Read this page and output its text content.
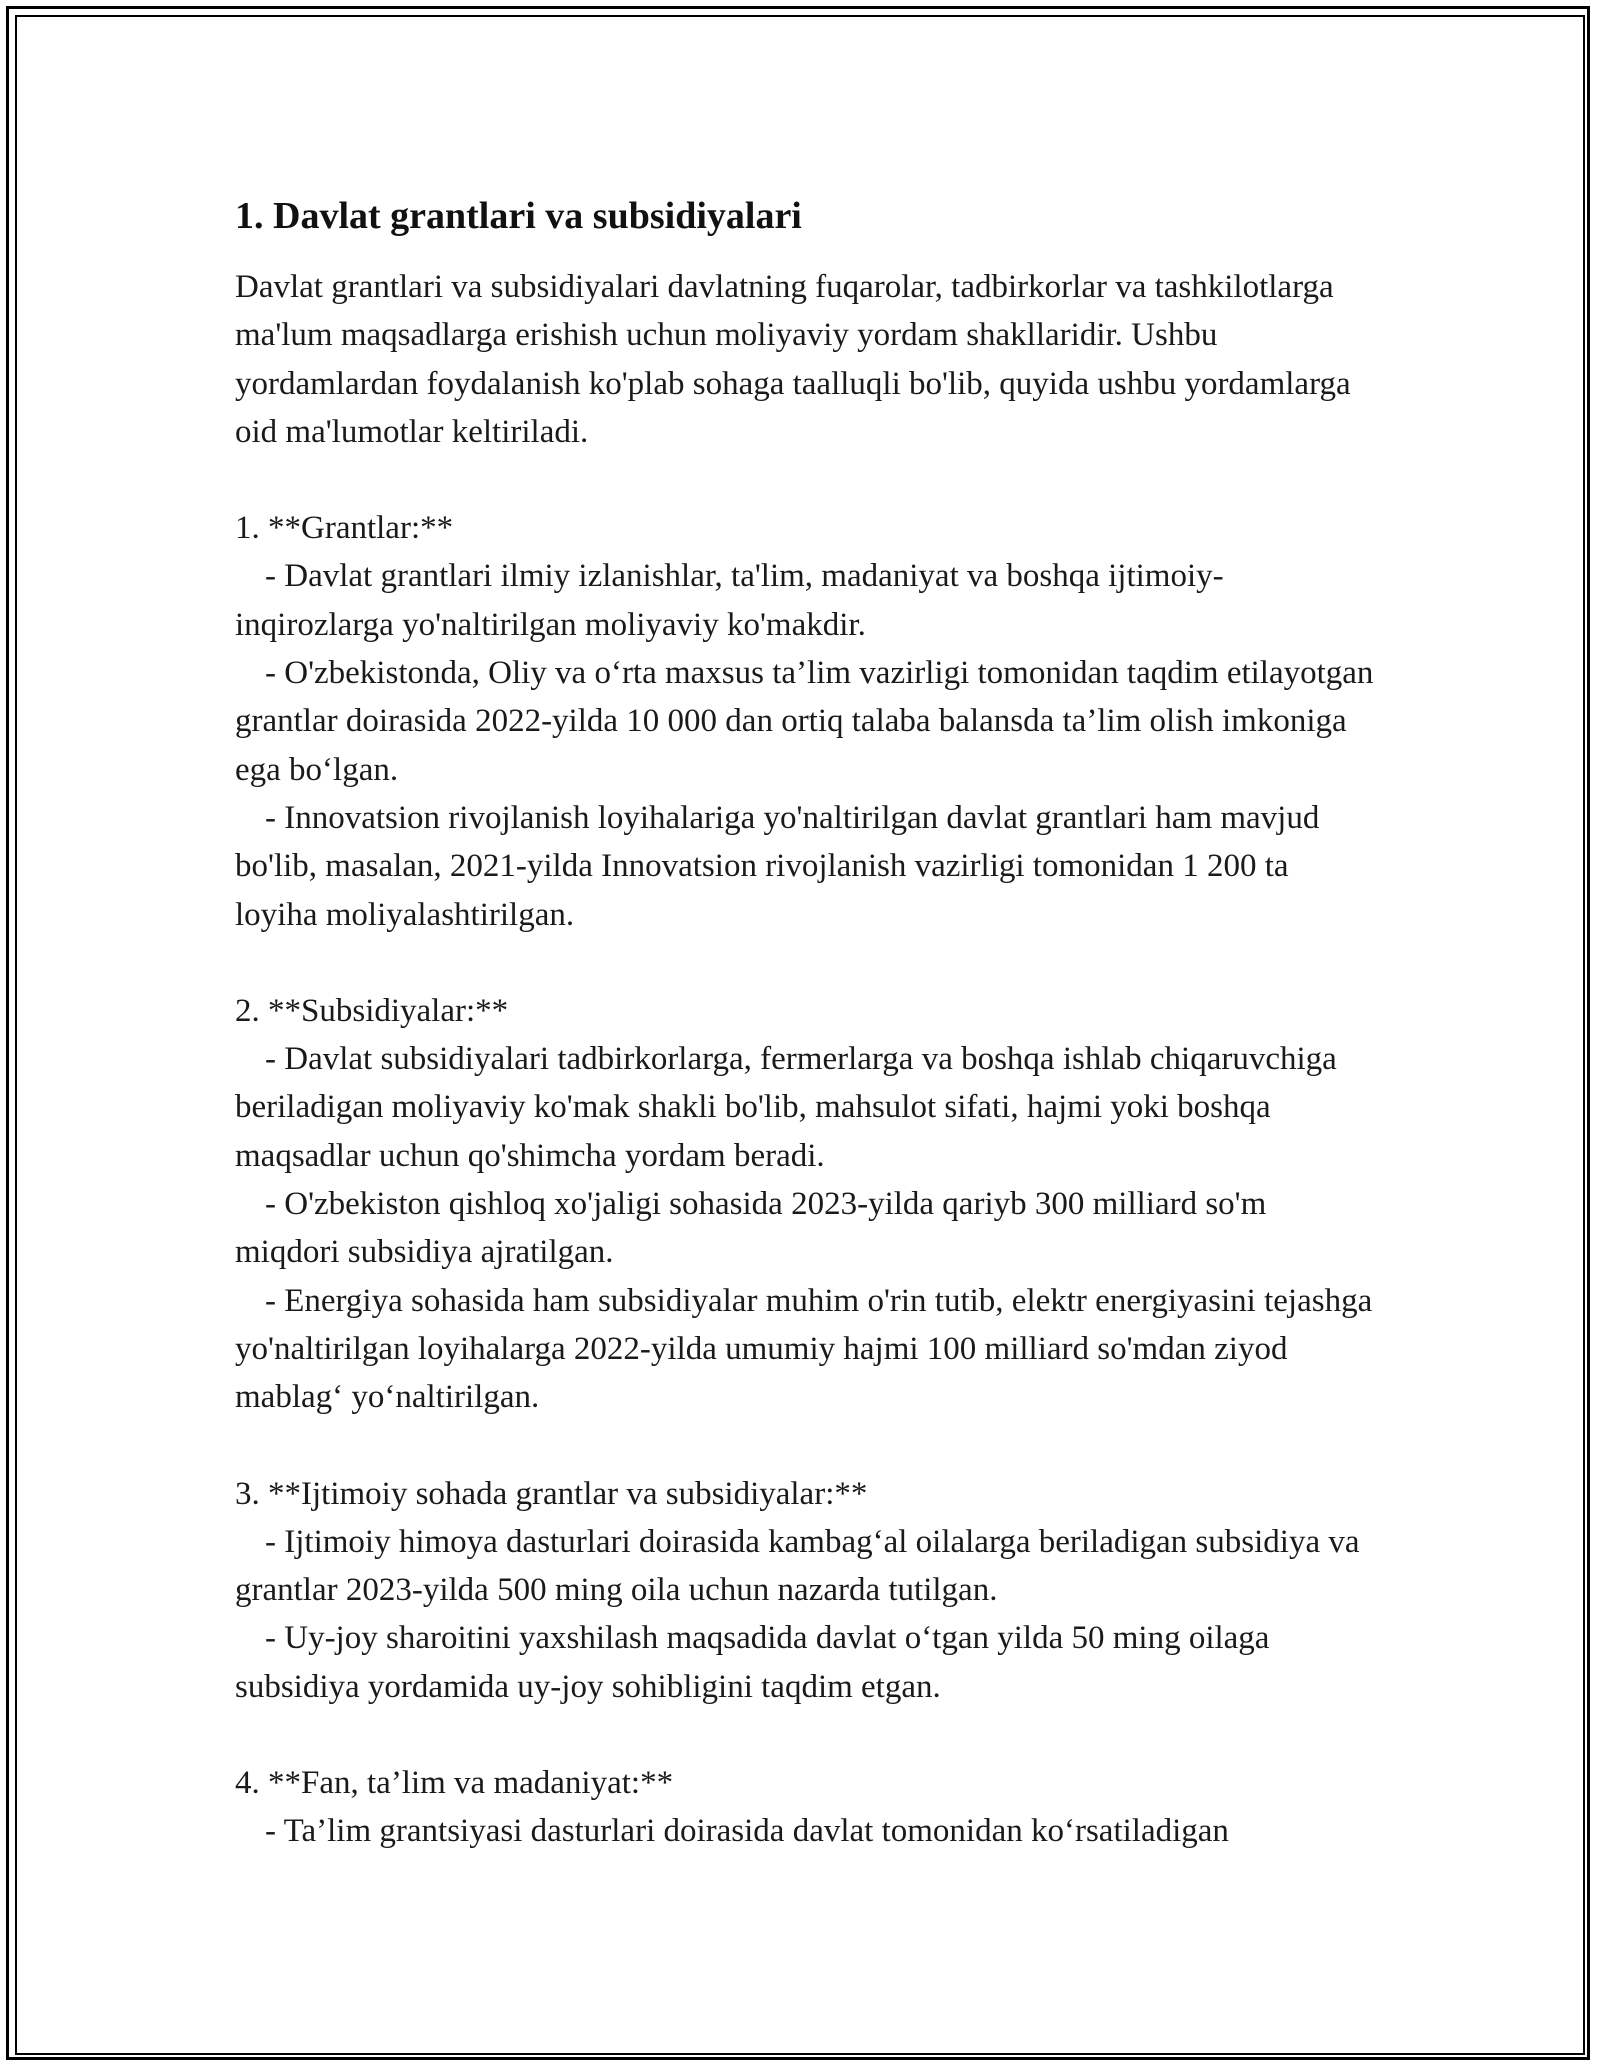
1. Davlat grantlari va subsidiyalari

Davlat grantlari va subsidiyalari davlatning fuqarolar, tadbirkorlar va tashkilotlarga ma'lum maqsadlarga erishish uchun moliyaviy yordam shakllaridir. Ushbu yordamlardan foydalanish ko'plab sohaga taalluqli bo'lib, quyida ushbu yordamlarga oid ma'lumotlar keltiriladi.

1. **Grantlar:**

- Davlat grantlari ilmiy izlanishlar, ta'lim, madaniyat va boshqa ijtimoiy-inqirozlarga yo'naltirilgan moliyaviy ko'makdir.

- O'zbekistonda, Oliy va o‘rta maxsus ta’lim vazirligi tomonidan taqdim etilayotgan grantlar doirasida 2022-yilda 10 000 dan ortiq talaba balansda ta’lim olish imkoniga ega bo‘lgan.

- Innovatsion rivojlanish loyihalariga yo'naltirilgan davlat grantlari ham mavjud bo'lib, masalan, 2021-yilda Innovatsion rivojlanish vazirligi tomonidan 1 200 ta loyiha moliyalashtirilgan.

2. **Subsidiyalar:**

- Davlat subsidiyalari tadbirkorlarga, fermerlarga va boshqa ishlab chiqaruvchiga beriladigan moliyaviy ko'mak shakli bo'lib, mahsulot sifati, hajmi yoki boshqa maqsadlar uchun qo'shimcha yordam beradi.

- O'zbekiston qishloq xo'jaligi sohasida 2023-yilda qariyb 300 milliard so'm miqdori subsidiya ajratilgan.

- Energiya sohasida ham subsidiyalar muhim o'rin tutib, elektr energiyasini tejashga yo'naltirilgan loyihalarga 2022-yilda umumiy hajmi 100 milliard so'mdan ziyod mablag‘ yo‘naltirilgan.

3. **Ijtimoiy sohada grantlar va subsidiyalar:**

- Ijtimoiy himoya dasturlari doirasida kambag‘al oilalarga beriladigan subsidiya va grantlar 2023-yilda 500 ming oila uchun nazarda tutilgan.

- Uy-joy sharoitini yaxshilash maqsadida davlat o‘tgan yilda 50 ming oilaga subsidiya yordamida uy-joy sohibligini taqdim etgan.

4. **Fan, ta’lim va madaniyat:**

- Ta’lim grantsiyasi dasturlari doirasida davlat tomonidan ko‘rsatiladigan
